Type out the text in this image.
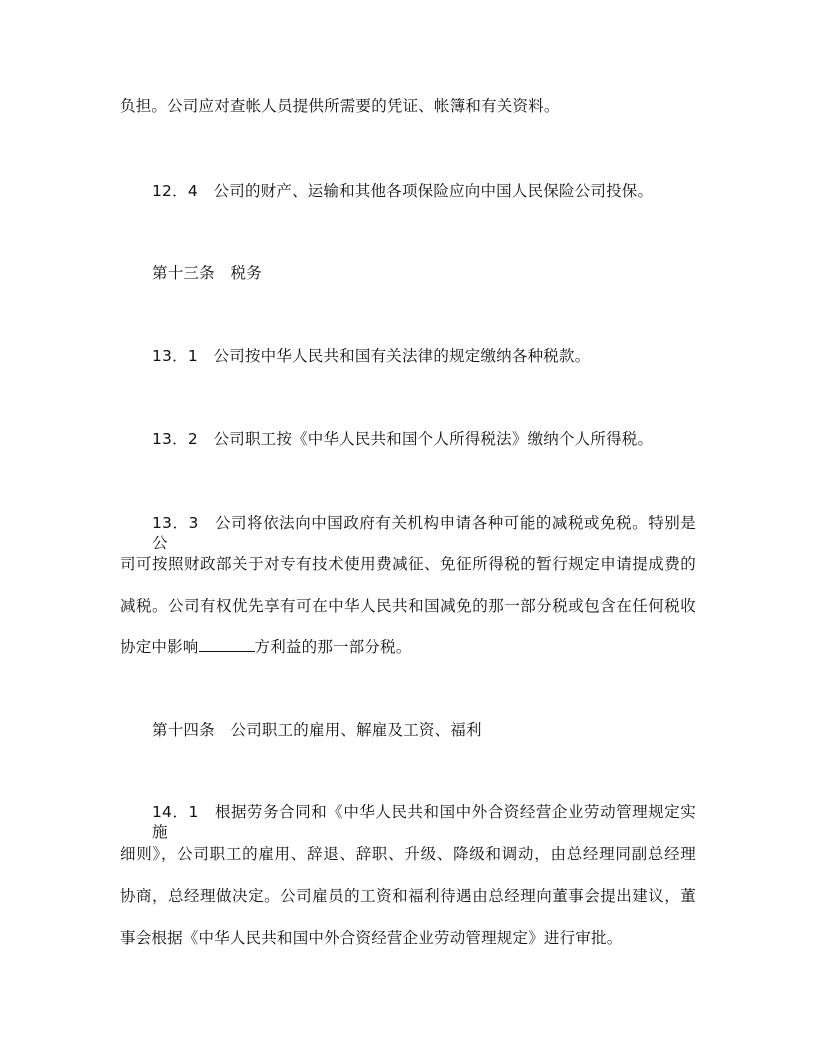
负担。公司应对查帐人员提供所需要的凭证、帐簿和有关资料。
12．4　公司的财产、运输和其他各项保险应向中国人民保险公司投保。
第十三条　税务
13．1　公司按中华人民共和国有关法律的规定缴纳各种税款。
13．2　公司职工按《中华人民共和国个人所得税法》缴纳个人所得税。
13．3　公司将依法向中国政府有关机构申请各种可能的减税或免税。特别是公
司可按照财政部关于对专有技术使用费减征、免征所得税的暂行规定申请提成费的
减税。公司有权优先享有可在中华人民共和国减免的那一部分税或包含在任何税收
协定中影响	方利益的那一部分税。
第十四条　公司职工的雇用、解雇及工资、福利
14．1　根据劳务合同和《中华人民共和国中外合资经营企业劳动管理规定实施
细则》，公司职工的雇用、辞退、辞职、升级、降级和调动，由总经理同副总经理
协商，总经理做决定。公司雇员的工资和福利待遇由总经理向董事会提出建议，董
事会根据《中华人民共和国中外合资经营企业劳动管理规定》进行审批。
